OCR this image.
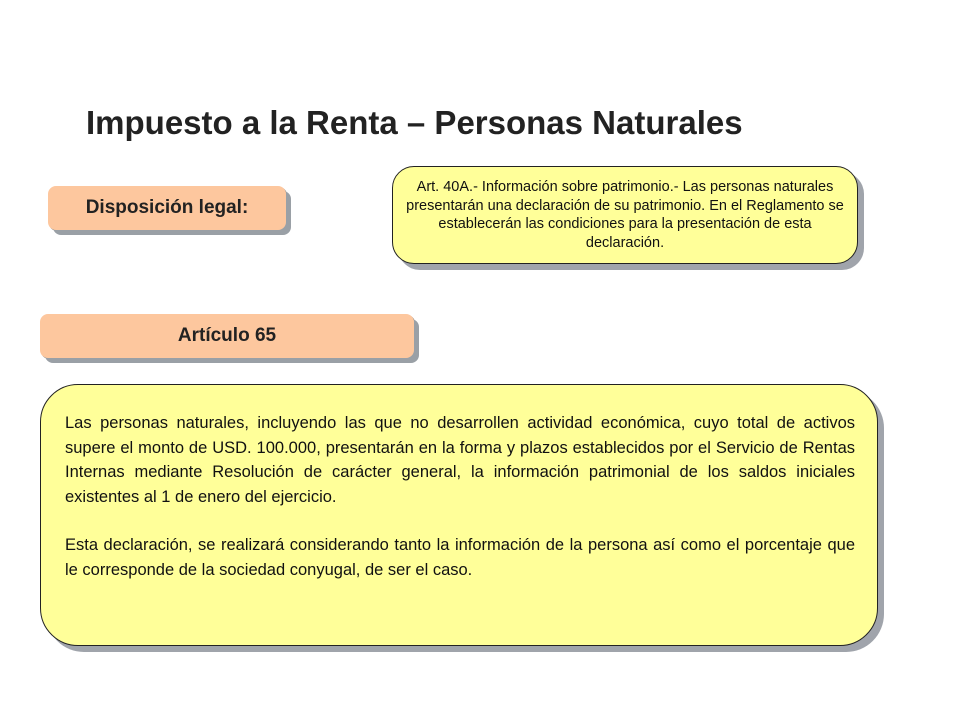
Impuesto a la Renta – Personas Naturales
Disposición legal:
Art. 40A.- Información sobre patrimonio.- Las personas naturales presentarán una declaración de su patrimonio. En el Reglamento se establecerán las condiciones para la presentación de esta declaración.
Artículo 65

Las personas naturales, incluyendo las que no desarrollen actividad económica, cuyo total de activos supere el monto de USD. 100.000, presentarán en la forma y plazos establecidos por el Servicio de Rentas Internas mediante Resolución de carácter general, la información patrimonial de los saldos iniciales existentes al 1 de enero del ejercicio.

Esta declaración, se realizará considerando tanto la información de la persona así como el porcentaje que le corresponde de la sociedad conyugal, de ser el caso.
